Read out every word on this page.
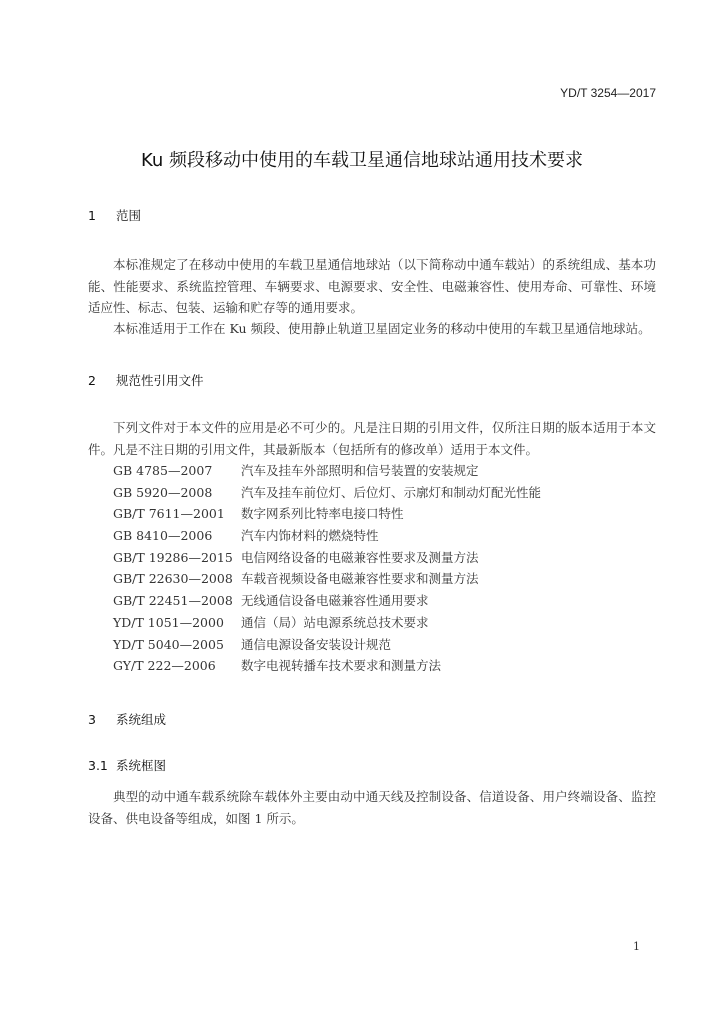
YD/T 3254—2017
Ku 频段移动中使用的车载卫星通信地球站通用技术要求
1 范围

本标准规定了在移动中使用的车载卫星通信地球站（以下简称动中通车载站）的系统组成、基本功能、性能要求、系统监控管理、车辆要求、电源要求、安全性、电磁兼容性、使用寿命、可靠性、环境适应性、标志、包装、运输和贮存等的通用要求。

本标准适用于工作在 Ku 频段、使用静止轨道卫星固定业务的移动中使用的车载卫星通信地球站。

2 规范性引用文件

下列文件对于本文件的应用是必不可少的。凡是注日期的引用文件，仅所注日期的版本适用于本文件。凡是不注日期的引用文件，其最新版本（包括所有的修改单）适用于本文件。

GB 4785—2007 汽车及挂车外部照明和信号装置的安装规定
GB 5920—2008 汽车及挂车前位灯、后位灯、示廓灯和制动灯配光性能
GB/T 7611—2001 数字网系列比特率电接口特性
GB 8410—2006 汽车内饰材料的燃烧特性
GB/T 19286—2015 电信网络设备的电磁兼容性要求及测量方法
GB/T 22630—2008 车载音视频设备电磁兼容性要求和测量方法
GB/T 22451—2008 无线通信设备电磁兼容性通用要求
YD/T 1051—2000 通信（局）站电源系统总技术要求
YD/T 5040—2005 通信电源设备安装设计规范
GY/T 222—2006 数字电视转播车技术要求和测量方法
3 系统组成
3.1 系统框图

典型的动中通车载系统除车载体外主要由动中通天线及控制设备、信道设备、用户终端设备、监控设备、供电设备等组成，如图 1 所示。

1
